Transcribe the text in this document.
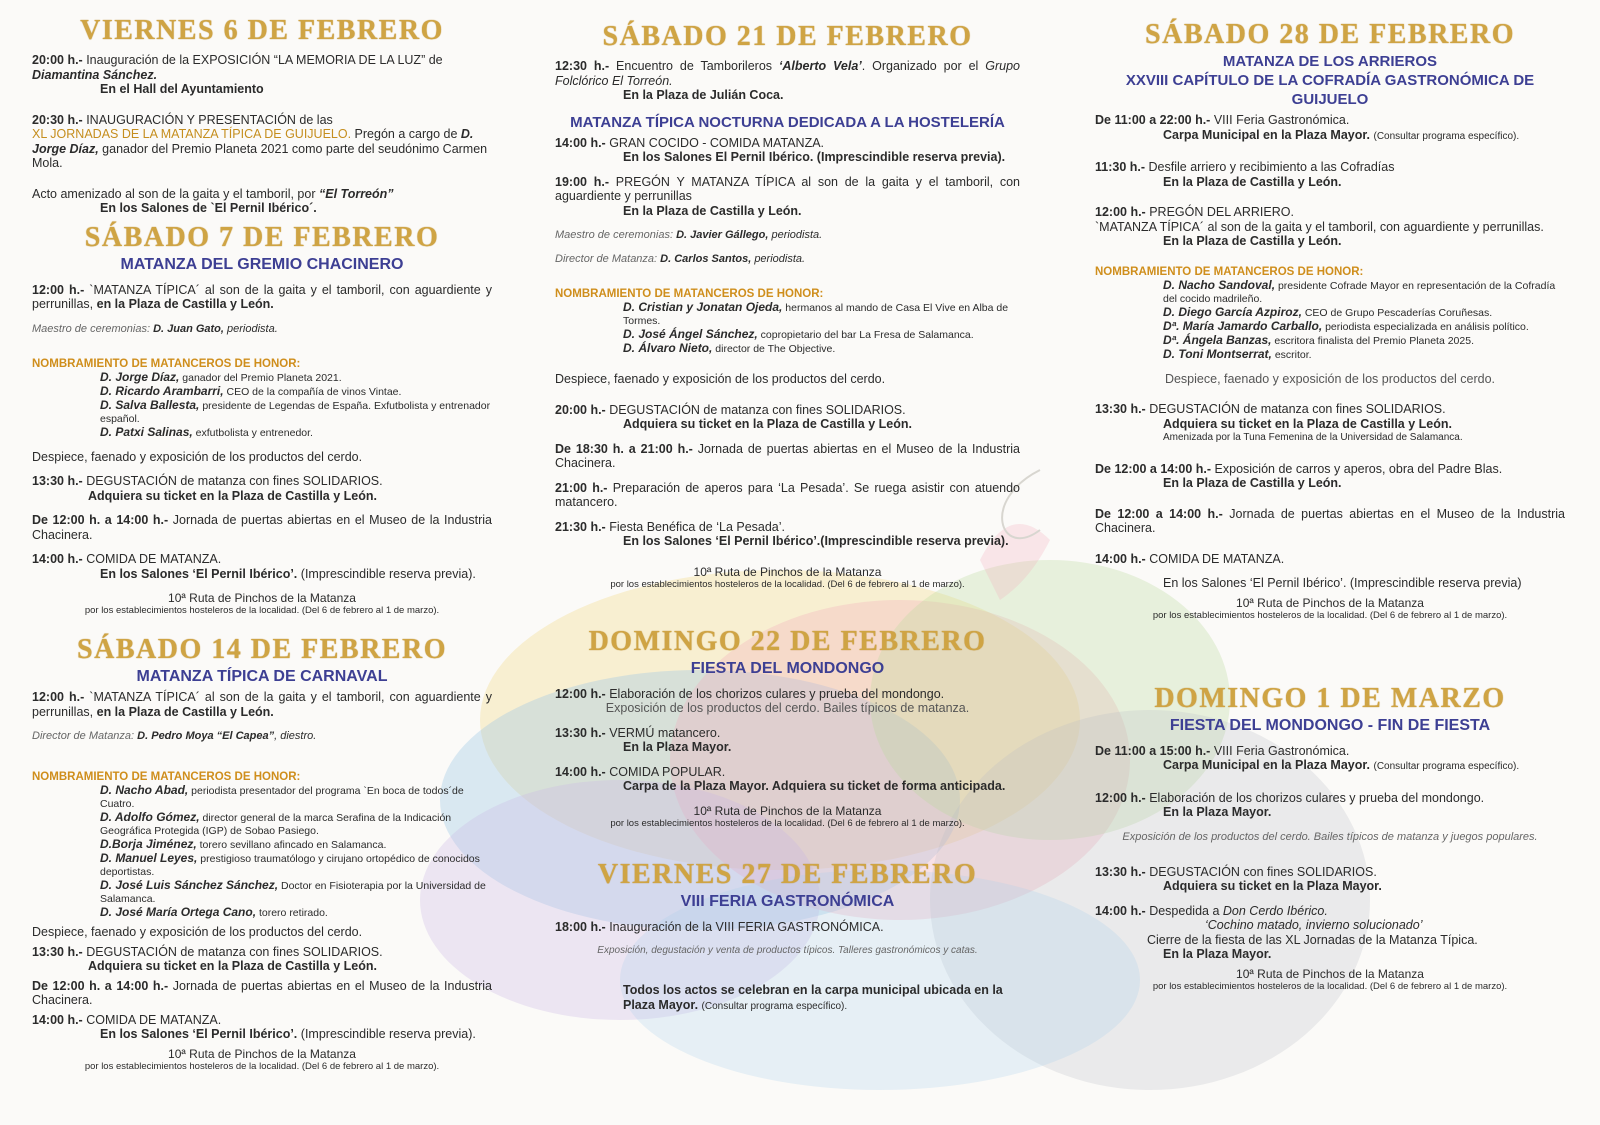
VIERNES 6 DE FEBRERO

20:00 h.- Inauguración de la EXPOSICIÓN “LA MEMORIA DE LA LUZ” de Diamantina Sánchez.

En el Hall del Ayuntamiento

20:30 h.- INAUGURACIÓN Y PRESENTACIÓN de las
XL JORNADAS DE LA MATANZA TÍPICA DE GUIJUELO. Pregón a cargo de D. Jorge Díaz, ganador del Premio Planeta 2021 como parte del seudónimo Carmen Mola.

Acto amenizado al son de la gaita y el tamboril, por “El Torreón”

En los Salones de `El Pernil Ibérico´.

SÁBADO 7 DE FEBRERO

MATANZA DEL GREMIO CHACINERO

12:00 h.- `MATANZA TÍPICA´ al son de la gaita y el tamboril, con aguardiente y perrunillas, en la Plaza de Castilla y León.

Maestro de ceremonias: D. Juan Gato, periodista.

NOMBRAMIENTO DE MATANCEROS DE HONOR:

D. Jorge Díaz, ganador del Premio Planeta 2021.

D. Ricardo Arambarri, CEO de la compañía de vinos Vintae.

D. Salva Ballesta, presidente de Legendas de España. Exfutbolista y entrenador español.

D. Patxi Salinas, exfutbolista y entrenedor.

Despiece, faenado y exposición de los productos del cerdo.

13:30 h.- DEGUSTACIÓN de matanza con fines SOLIDARIOS.

Adquiera su ticket en la Plaza de Castilla y León.

De 12:00 h. a 14:00 h.- Jornada de puertas abiertas en el Museo de la Industria Chacinera.

14:00 h.- COMIDA DE MATANZA.

En los Salones ‘El Pernil Ibérico’. (Imprescindible reserva previa).

10ª Ruta de Pinchos de la Matanza

por los establecimientos hosteleros de la localidad. (Del 6 de febrero al 1 de marzo).

SÁBADO 14 DE FEBRERO

MATANZA TÍPICA DE CARNAVAL

12:00 h.- `MATANZA TÍPICA´ al son de la gaita y el tamboril, con aguardiente y perrunillas, en la Plaza de Castilla y León.

Director de Matanza: D. Pedro Moya “El Capea”, diestro.

NOMBRAMIENTO DE MATANCEROS DE HONOR:

D. Nacho Abad, periodista presentador del programa `En boca de todos´de Cuatro.

D. Adolfo Gómez, director general de la marca Serafina de la Indicación Geográfica Protegida (IGP) de Sobao Pasiego.

D.Borja Jiménez, torero sevillano afincado en Salamanca.

D. Manuel Leyes, prestigioso traumatólogo y cirujano ortopédico de conocidos deportistas.

D. José Luis Sánchez Sánchez, Doctor en Fisioterapia por la Universidad de Salamanca.

D. José María Ortega Cano, torero retirado.

Despiece, faenado y exposición de los productos del cerdo.

13:30 h.- DEGUSTACIÓN de matanza con fines SOLIDARIOS.

Adquiera su ticket en la Plaza de Castilla y León.

De 12:00 h. a 14:00 h.- Jornada de puertas abiertas en el Museo de la Industria Chacinera.

14:00 h.- COMIDA DE MATANZA.

En los Salones ‘El Pernil Ibérico’. (Imprescindible reserva previa).

10ª Ruta de Pinchos de la Matanza

por los establecimientos hosteleros de la localidad. (Del 6 de febrero al 1 de marzo).

SÁBADO 21 DE FEBRERO

12:30 h.- Encuentro de Tamborileros ‘Alberto Vela’. Organizado por el Grupo Folclórico El Torreón.

En la Plaza de Julián Coca.

MATANZA TÍPICA NOCTURNA DEDICADA A LA HOSTELERÍA

14:00 h.- GRAN COCIDO - COMIDA MATANZA.

En los Salones El Pernil Ibérico. (Imprescindible reserva previa).

19:00 h.- PREGÓN Y MATANZA TÍPICA al son de la gaita y el tamboril, con aguardiente y perrunillas

En la Plaza de Castilla y León.

Maestro de ceremonias: D. Javier Gállego, periodista.

Director de Matanza: D. Carlos Santos, periodista.

NOMBRAMIENTO DE MATANCEROS DE HONOR:

D. Cristian y Jonatan Ojeda, hermanos al mando de Casa El Vive en Alba de Tormes.

D. José Ángel Sánchez, copropietario del bar La Fresa de Salamanca.

D. Álvaro Nieto, director de The Objective.

Despiece, faenado y exposición de los productos del cerdo.

20:00 h.- DEGUSTACIÓN de matanza con fines SOLIDARIOS.

Adquiera su ticket en la Plaza de Castilla y León.

De 18:30 h. a 21:00 h.- Jornada de puertas abiertas en el Museo de la Industria Chacinera.

21:00 h.- Preparación de aperos para ‘La Pesada’. Se ruega asistir con atuendo matancero.

21:30 h.- Fiesta Benéfica de ‘La Pesada’.

En los Salones ‘El Pernil Ibérico’.(Imprescindible reserva previa).

10ª Ruta de Pinchos de la Matanza

por los establecimientos hosteleros de la localidad. (Del 6 de febrero al 1 de marzo).

DOMINGO 22 DE FEBRERO

FIESTA DEL MONDONGO

12:00 h.- Elaboración de los chorizos culares y prueba del mondongo.

Exposición de los productos del cerdo. Bailes típicos de matanza.

13:30 h.- VERMÚ matancero.

En la Plaza Mayor.

14:00 h.- COMIDA POPULAR.

Carpa de la Plaza Mayor. Adquiera su ticket de forma anticipada.

10ª Ruta de Pinchos de la Matanza

por los establecimientos hosteleros de la localidad. (Del 6 de febrero al 1 de marzo).

VIERNES 27 DE FEBRERO

VIII FERIA GASTRONÓMICA

18:00 h.- Inauguración de la VIII FERIA GASTRONÓMICA.

Exposición, degustación y venta de productos típicos. Talleres gastronómicos y catas.

Todos los actos se celebran en la carpa municipal ubicada en la Plaza Mayor. (Consultar programa específico).

SÁBADO 28 DE FEBRERO

MATANZA DE LOS ARRIEROS

XXVIII CAPÍTULO DE LA COFRADÍA GASTRONÓMICA DE GUIJUELO

De 11:00 a 22:00 h.- VIII Feria Gastronómica.

Carpa Municipal en la Plaza Mayor. (Consultar programa específico).

11:30 h.- Desfile arriero y recibimiento a las Cofradías

En la Plaza de Castilla y León.

12:00 h.- PREGÓN DEL ARRIERO.

`MATANZA TÍPICA´ al son de la gaita y el tamboril, con aguardiente y perrunillas.

En la Plaza de Castilla y León.

NOMBRAMIENTO DE MATANCEROS DE HONOR:

D. Nacho Sandoval, presidente Cofrade Mayor en representación de la Cofradía del cocido madrileño.

D. Diego García Azpiroz, CEO de Grupo Pescaderías Coruñesas.

Dª. María Jamardo Carballo, periodista especializada en análisis político.

Dª. Ángela Banzas, escritora finalista del Premio Planeta 2025.

D. Toni Montserrat, escritor.

Despiece, faenado y exposición de los productos del cerdo.

13:30 h.- DEGUSTACIÓN de matanza con fines SOLIDARIOS.

Adquiera su ticket en la Plaza de Castilla y León.

Amenizada por la Tuna Femenina de la Universidad de Salamanca.

De 12:00 a 14:00 h.- Exposición de carros y aperos, obra del Padre Blas.

En la Plaza de Castilla y León.

De 12:00 a 14:00 h.- Jornada de puertas abiertas en el Museo de la Industria Chacinera.

14:00 h.- COMIDA DE MATANZA.

En los Salones ‘El Pernil Ibérico’. (Imprescindible reserva previa)

10ª Ruta de Pinchos de la Matanza

por los establecimientos hosteleros de la localidad. (Del 6 de febrero al 1 de marzo).

DOMINGO 1 DE MARZO

FIESTA DEL MONDONGO - FIN DE FIESTA

De 11:00 a 15:00 h.- VIII Feria Gastronómica.

Carpa Municipal en la Plaza Mayor. (Consultar programa específico).

12:00 h.- Elaboración de los chorizos culares y prueba del mondongo.

En la Plaza Mayor.

Exposición de los productos del cerdo. Bailes típicos de matanza y juegos populares.

13:30 h.- DEGUSTACIÓN con fines SOLIDARIOS.

Adquiera su ticket en la Plaza Mayor.

14:00 h.- Despedida a Don Cerdo Ibérico.

‘Cochino matado, invierno solucionado’

Cierre de la fiesta de las XL Jornadas de la Matanza Típica.

En la Plaza Mayor.

10ª Ruta de Pinchos de la Matanza

por los establecimientos hosteleros de la localidad. (Del 6 de febrero al 1 de marzo).
